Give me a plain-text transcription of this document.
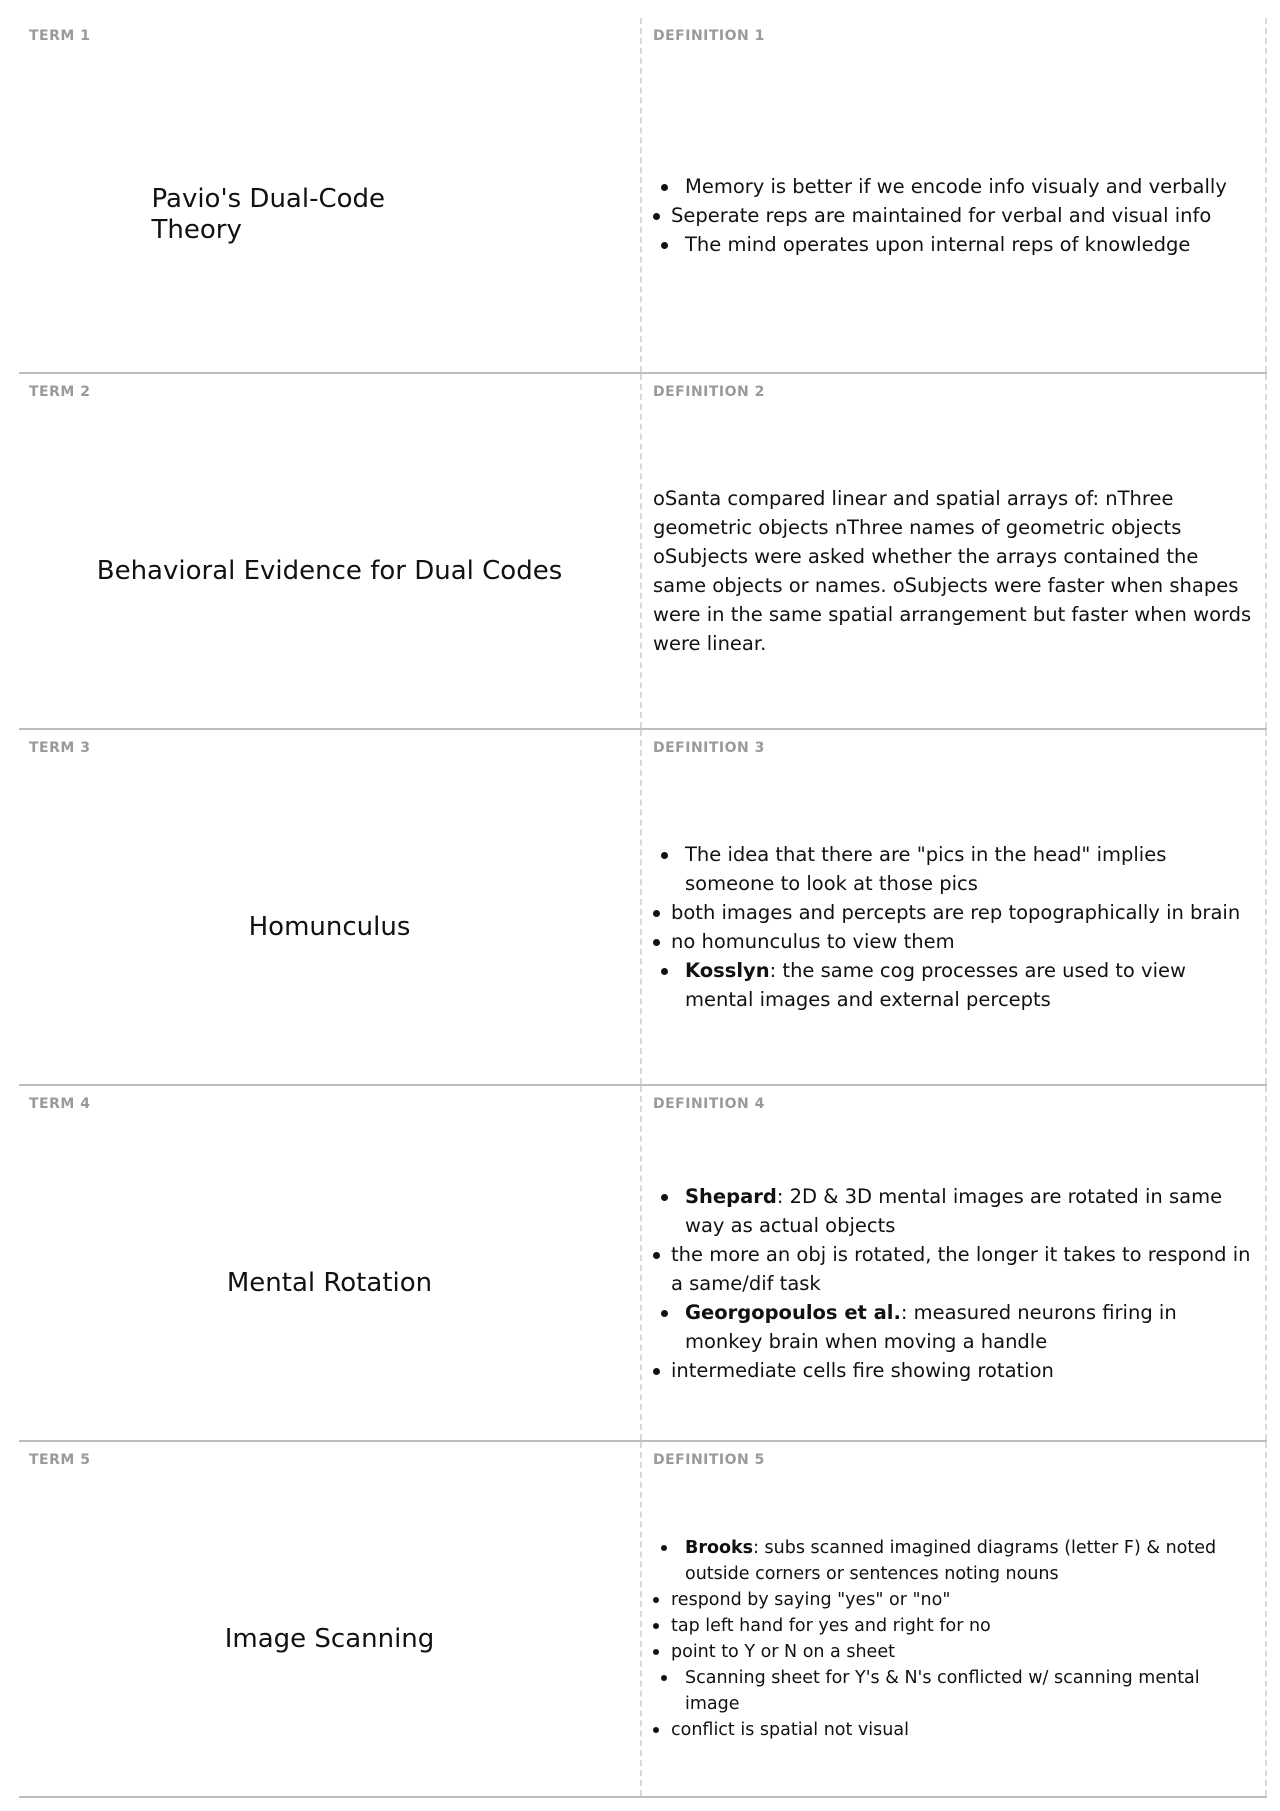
TERM 1
Pavio's Dual-Code Theory
DEFINITION 1

Memory is better if we encode info visualy and verbally

Seperate reps are maintained for verbal and visual info

The mind operates upon internal reps of knowledge

TERM 2
Behavioral Evidence for Dual Codes
DEFINITION 2

oSanta compared linear and spatial arrays of: nThree geometric objects nThree names of geometric objects oSubjects were asked whether the arrays contained the same objects or names. oSubjects were faster when shapes were in the same spatial arrangement but faster when words were linear.

TERM 3
Homunculus
DEFINITION 3

The idea that there are "pics in the head" implies someone to look at those pics

both images and percepts are rep topographically in brain

no homunculus to view them

Kosslyn: the same cog processes are used to view mental images and external percepts

TERM 4
Mental Rotation
DEFINITION 4

Shepard: 2D & 3D mental images are rotated in same way as actual objects

the more an obj is rotated, the longer it takes to respond in a same/dif task

Georgopoulos et al.: measured neurons firing in monkey brain when moving a handle

intermediate cells fire showing rotation

TERM 5
Image Scanning
DEFINITION 5

Brooks: subs scanned imagined diagrams (letter F) & noted outside corners or sentences noting nouns

respond by saying "yes" or "no"

tap left hand for yes and right for no

point to Y or N on a sheet

Scanning sheet for Y's & N's conflicted w/ scanning mental image

conflict is spatial not visual
